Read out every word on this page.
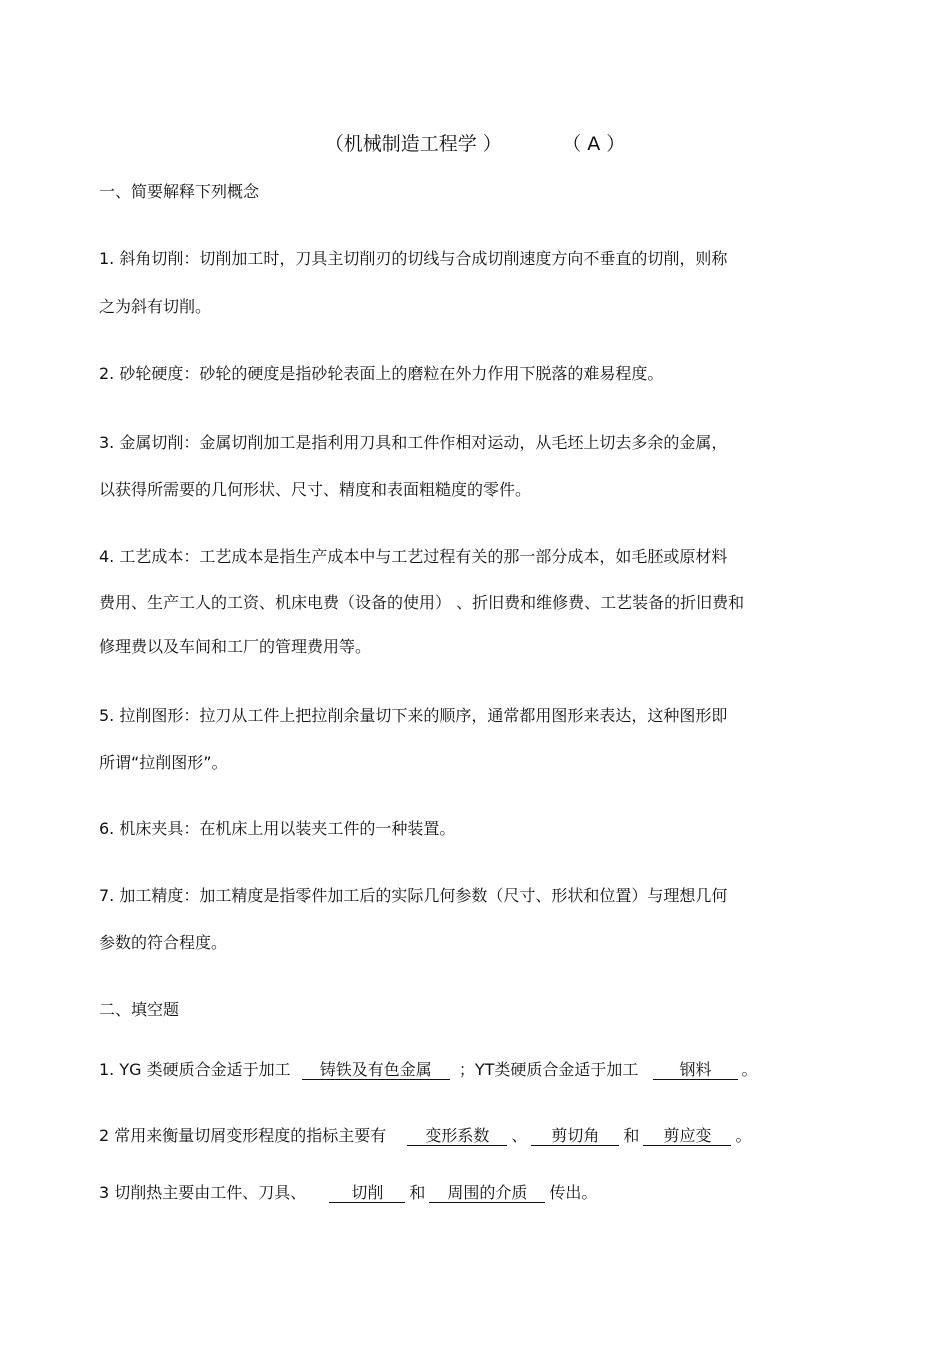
（机械制造工程学 ）	（ A ）
一、简要解释下列概念
1. 斜角切削：切削加工时，刀具主切削刃的切线与合成切削速度方向不垂直的切削，则称
之为斜有切削。
2. 砂轮硬度：砂轮的硬度是指砂轮表面上的磨粒在外力作用下脱落的难易程度。
3. 金属切削：金属切削加工是指利用刀具和工件作相对运动，从毛坯上切去多余的金属，
以获得所需要的几何形状、尺寸、精度和表面粗糙度的零件。
4. 工艺成本：工艺成本是指生产成本中与工艺过程有关的那一部分成本，如毛胚或原材料
费用、生产工人的工资、机床电费（设备的使用） 、折旧费和维修费、工艺装备的折旧费和
修理费以及车间和工厂的管理费用等。
5. 拉削图形：拉刀从工件上把拉削余量切下来的顺序，通常都用图形来表达，这种图形即
所谓“拉削图形”。
6. 机床夹具：在机床上用以装夹工件的一种装置。
7. 加工精度：加工精度是指零件加工后的实际几何参数（尺寸、形状和位置）与理想几何
参数的符合程度。
二、填空题
1. YG 类硬质合金适于加工 铸铁及有色金属 ；YT类硬质合金适于加工	钢料 。
2 常用来衡量切屑变形程度的指标主要有 变形系数 、 剪切角 和 剪应变 。
3 切削热主要由工件、刀具、	切削 和 周围的介质 传出。
